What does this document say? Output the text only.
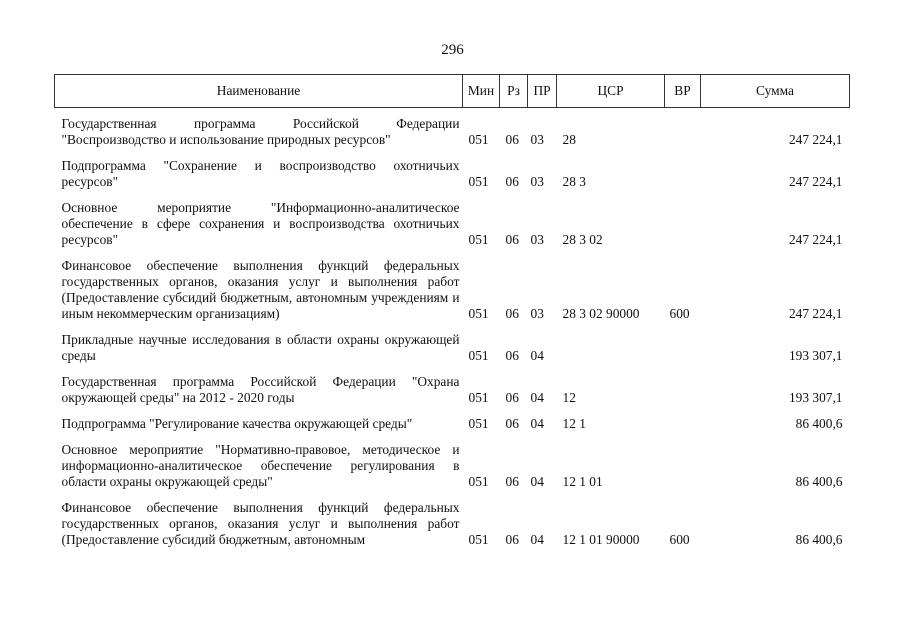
296
Наименование	Мин	Рз	ПР	ЦСР	ВР	Сумма
Государственная программа Российской Федерации "Воспроизводство и использование природных ресурсов"	051	06	03	28		247 224,1
Подпрограмма "Сохранение и воспроизводство охотничьих ресурсов"	051	06	03	28 3		247 224,1
Основное мероприятие "Информационно-аналитическое обеспечение в сфере сохранения и воспроизводства охотничьих ресурсов"	051	06	03	28 3 02		247 224,1
Финансовое обеспечение выполнения функций федеральных государственных органов, оказания услуг и выполнения работ (Предоставление субсидий бюджетным, автономным учреждениям и иным некоммерческим организациям)	051	06	03	28 3 02 90000	600	247 224,1
Прикладные научные исследования в области охраны окружающей среды	051	06	04			193 307,1
Государственная программа Российской Федерации "Охрана окружающей среды" на 2012 - 2020 годы	051	06	04	12		193 307,1
Подпрограмма "Регулирование качества окружающей среды"	051	06	04	12 1		86 400,6
Основное мероприятие "Нормативно-правовое, методическое и информационно-аналитическое обеспечение регулирования в области охраны окружающей среды"	051	06	04	12 1 01		86 400,6
Финансовое обеспечение выполнения функций федеральных государственных органов, оказания услуг и выполнения работ (Предоставление субсидий бюджетным, автономным	051	06	04	12 1 01 90000	600	86 400,6
